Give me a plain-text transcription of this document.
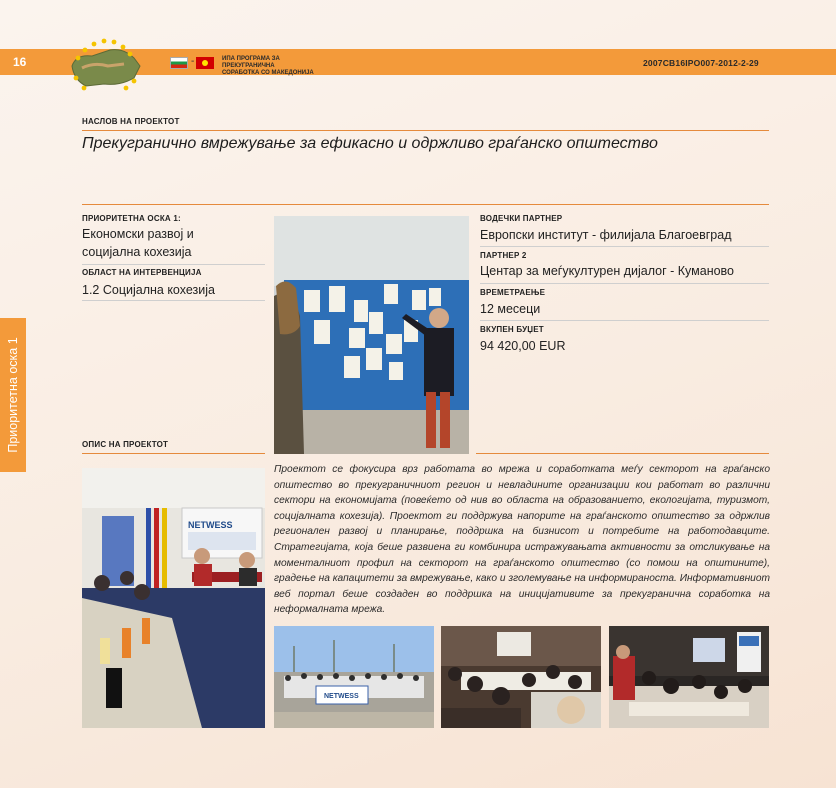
16	-	ИПА ПРОГРАМА ЗА ПРЕКУГРАНИЧНА
СОРАБОТКА СО МАКЕДОНИЈА
2007CB16IPO007-2012-2-29
Приоритетна оска 1
НАСЛОВ НА ПРОЕКТОТ
Прекугранично вмрежување за ефикасно и одржливо граѓанско општество
ПРИОРИТЕТНА ОСКА 1:
Економски развој и
социјална кохезија
ОБЛАСТ НА ИНТЕРВЕНЦИЈА
1.2 Социјална кохезија
ВОДЕЧКИ ПАРТНЕР
Европски институт - филијала Благоевград
ПАРТНЕР 2
Центар за меѓукултурен дијалог - Куманово
ВРЕМЕТРАЕЊЕ
12 месеци
ВКУПЕН БУЏЕТ
94 420,00 EUR
ОПИС НА ПРОЕКТОТ
Проектот се фокусира врз работата во мрежа и соработката меѓу секторот на граѓанско општество во прекуграничниот регион и невладините организации кои работат во различни сектори на економијата (повеќето од нив во областа на образованието, екологијата, туризмот, социјалната кохезија). Проектот ги поддржува напорите на граѓанското општество за одржлив регионален развој и планирање, поддршка на бизнисот и потребите на работодавците. Стратегијата, која беше развиена ги комбинира истражувањата активности за отсликување на моменталниот профил на секторот на граѓанското општество (со помош на општините), градење на капацитети за вмрежување, како и зголемување на информираноста. Информативниот веб портал беше создаден во поддршка на иницијативите за прекугранична соработка на неформалната мрежа.
NETWESS
NETWESS
